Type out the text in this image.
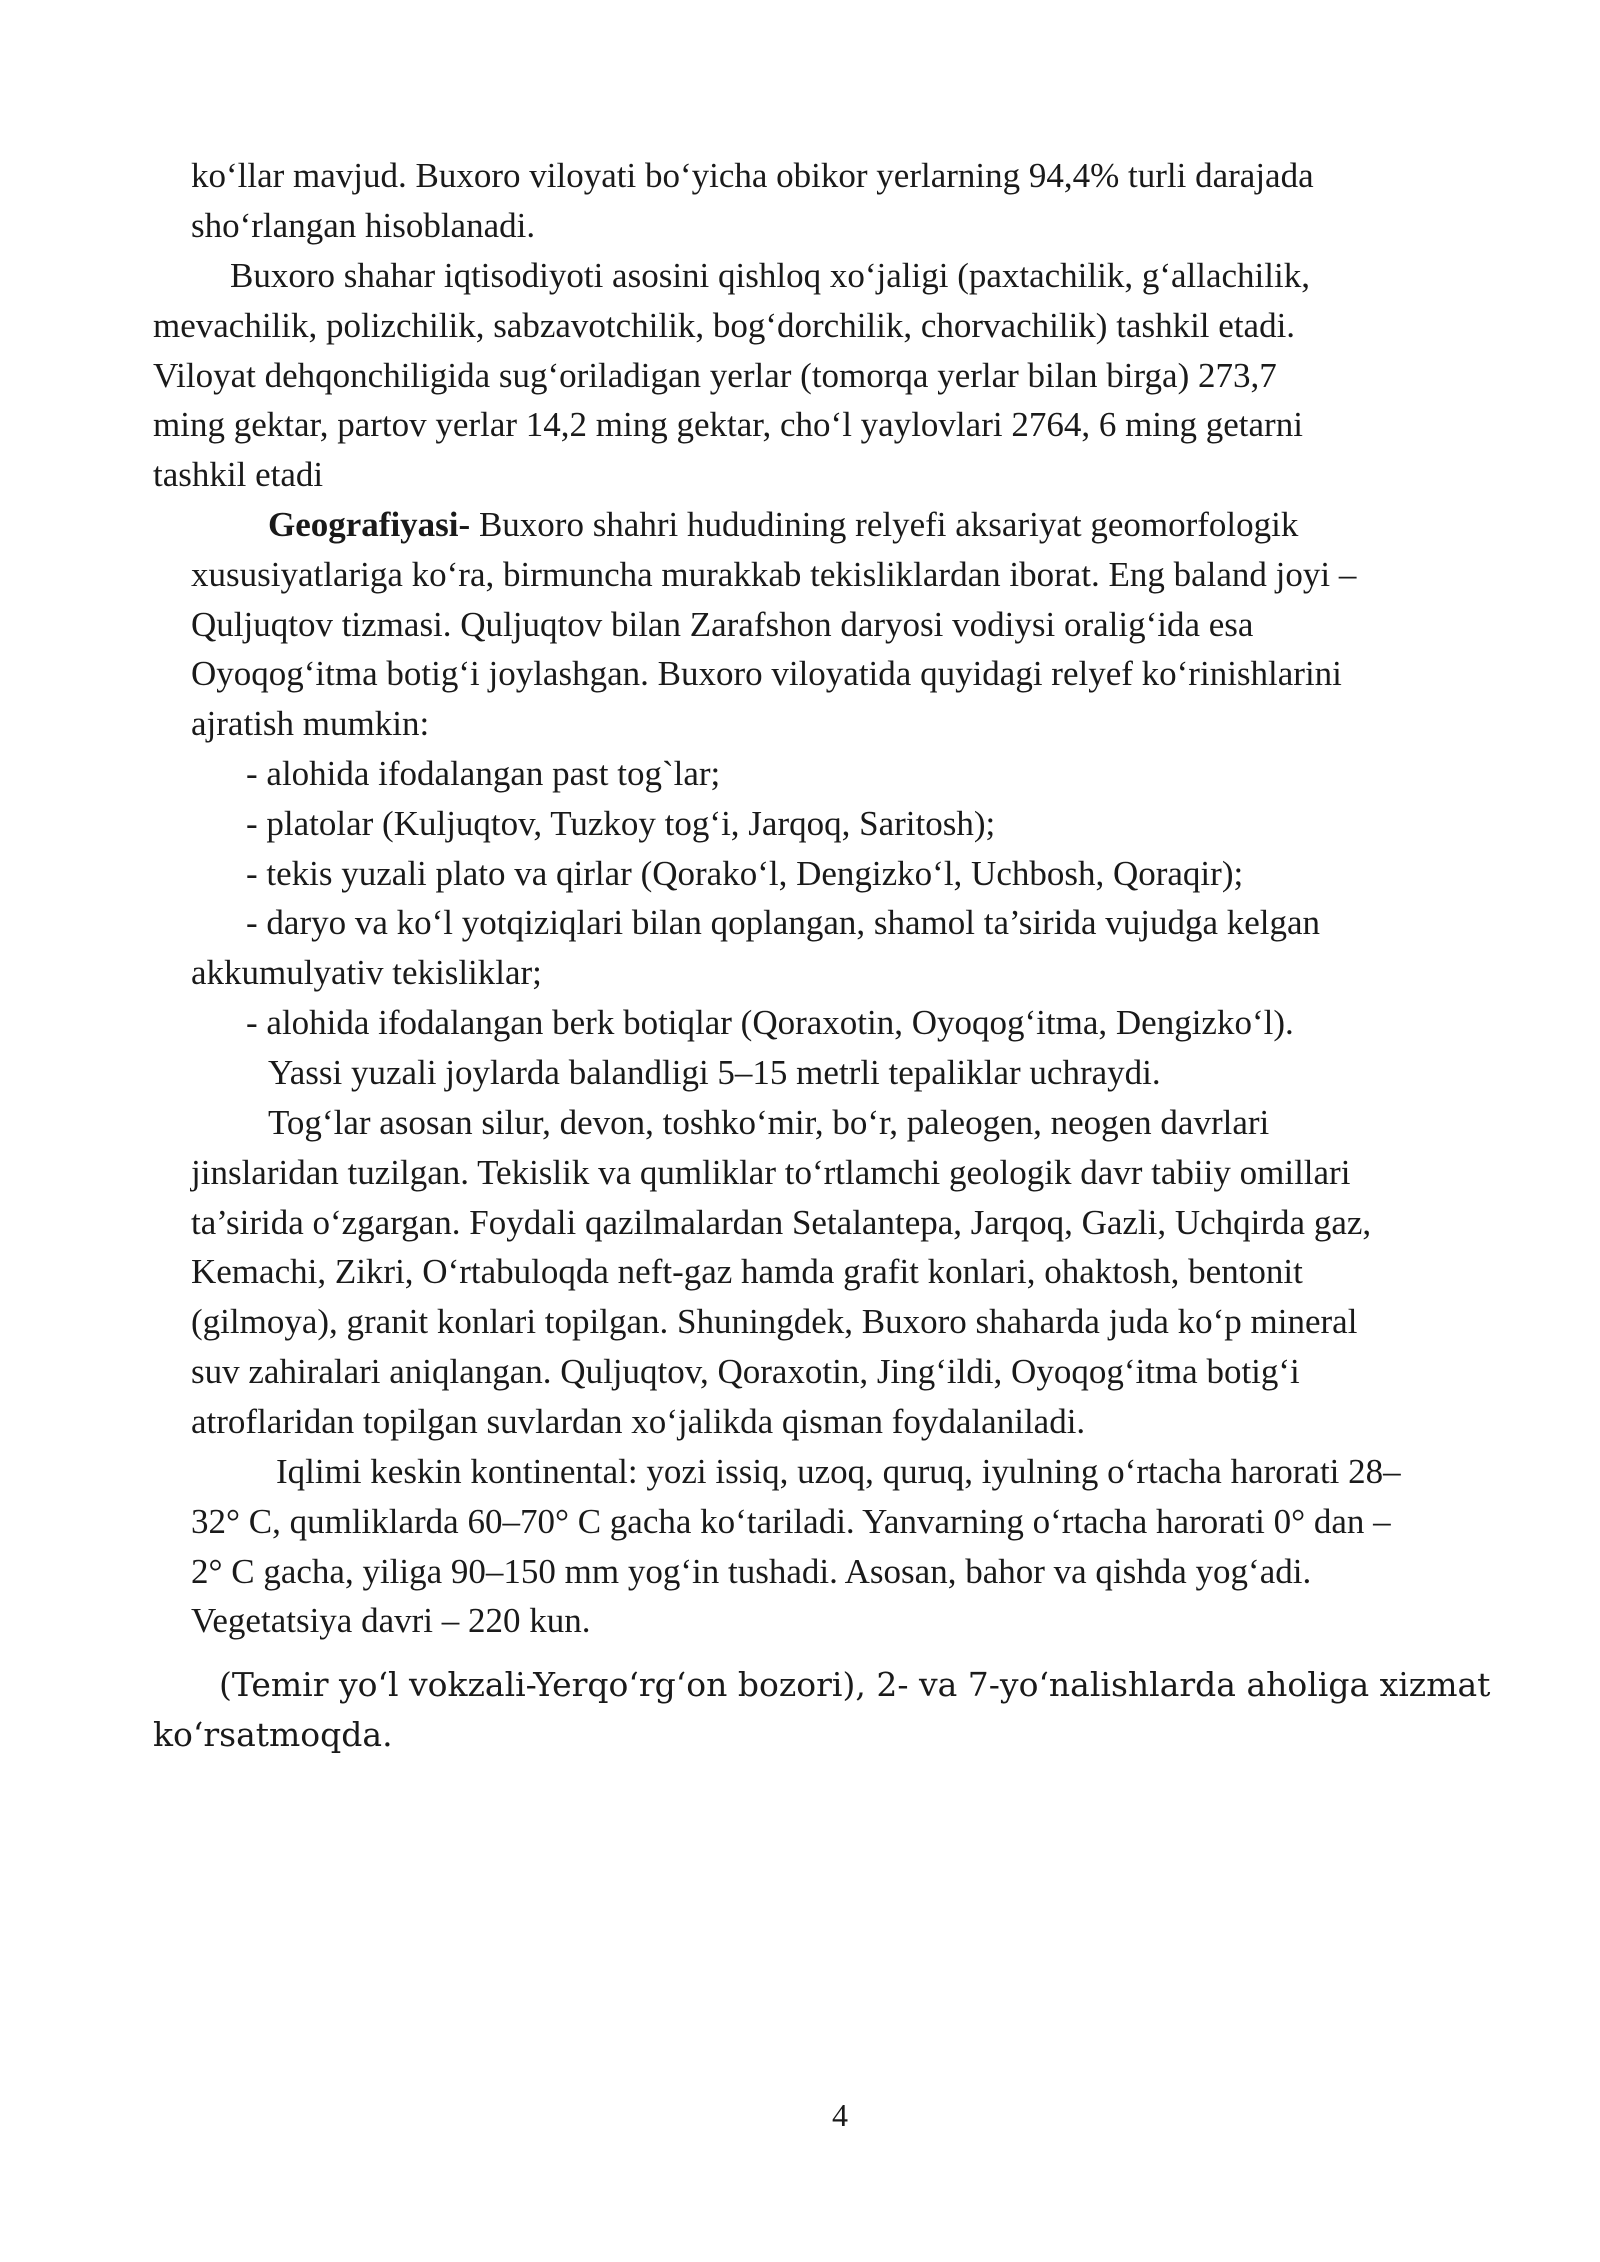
ko‘llar mavjud. Buxoro viloyati bo‘yicha obikor yerlarning 94,4% turli darajada
sho‘rlangan hisoblanadi.
Buxoro shahar iqtisodiyoti asosini qishloq xo‘jaligi (paxtachilik, g‘allachilik,
mevachilik, polizchilik, sabzavotchilik, bog‘dorchilik, chorvachilik) tashkil etadi.
Viloyat dehqonchiligida sug‘oriladigan yerlar (tomorqa yerlar bilan birga) 273,7
ming gektar, partov yerlar 14,2 ming gektar, cho‘l yaylovlari 2764, 6 ming getarni
tashkil etadi
Geografiyasi- Buxoro shahri hududining relyefi aksariyat geomorfologik
xususiyatlariga ko‘ra, birmuncha murakkab tekisliklardan iborat. Eng baland joyi –
Quljuqtov tizmasi. Quljuqtov bilan Zarafshon daryosi vodiysi oralig‘ida esa
Oyoqog‘itma botig‘i joylashgan. Buxoro viloyatida quyidagi relyef ko‘rinishlarini
ajratish mumkin:
- alohida ifodalangan past tog`lar;
- platolar (Kuljuqtov, Tuzkoy tog‘i, Jarqoq, Saritosh);
- tekis yuzali plato va qirlar (Qorako‘l, Dengizko‘l, Uchbosh, Qoraqir);
- daryo va ko‘l yotqiziqlari bilan qoplangan, shamol ta’sirida vujudga kelgan
akkumulyativ tekisliklar;
- alohida ifodalangan berk botiqlar (Qoraxotin, Oyoqog‘itma, Dengizko‘l).
Yassi yuzali joylarda balandligi 5–15 metrli tepaliklar uchraydi.
Tog‘lar asosan silur, devon, toshko‘mir, bo‘r, paleogen, neogen davrlari
jinslaridan tuzilgan. Tekislik va qumliklar to‘rtlamchi geologik davr tabiiy omillari
ta’sirida o‘zgargan. Foydali qazilmalardan Setalantepa, Jarqoq, Gazli, Uchqirda gaz,
Kemachi, Zikri, O‘rtabuloqda neft-gaz hamda grafit konlari, ohaktosh, bentonit
(gilmoya), granit konlari topilgan. Shuningdek, Buxoro shaharda juda ko‘p mineral
suv zahiralari aniqlangan. Quljuqtov, Qoraxotin, Jing‘ildi, Oyoqog‘itma botig‘i
atroflaridan topilgan suvlardan xo‘jalikda qisman foydalaniladi.
Iqlimi keskin kontinental: yozi issiq, uzoq, quruq, iyulning o‘rtacha harorati 28–
32° C, qumliklarda 60–70° C gacha ko‘tariladi. Yanvarning o‘rtacha harorati 0° dan –
2° C gacha, yiliga 90–150 mm yog‘in tushadi. Asosan, bahor va qishda yog‘adi.
Vegetatsiya davri – 220 kun.
(Temir yo‘l vokzali-Yerqo‘rg‘on bozori), 2- va 7-yo‘nalishlarda aholiga xizmat
ko‘rsatmoqda.
4
